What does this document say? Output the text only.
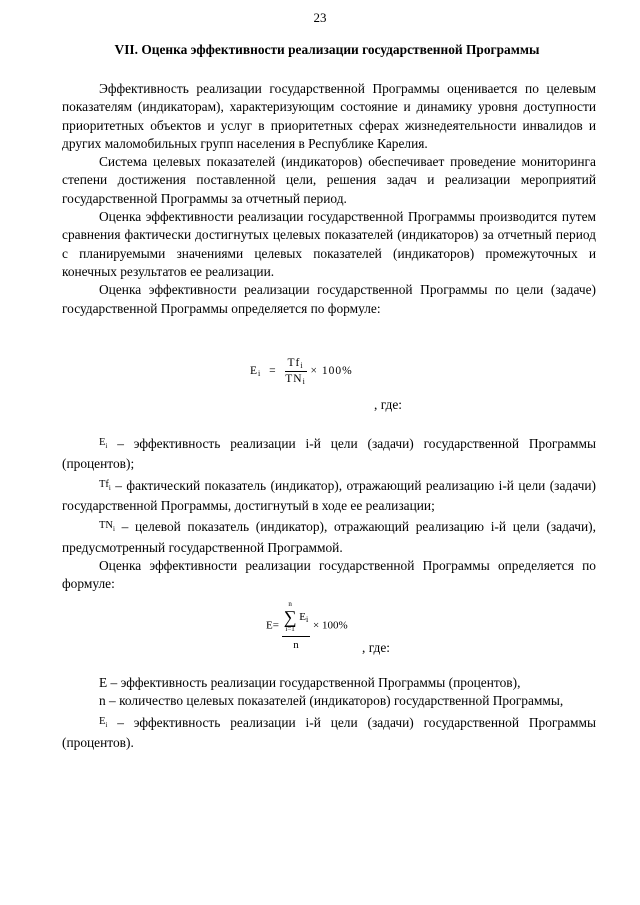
23
VII. Оценка эффективности реализации государственной Программы

Эффективность реализации государственной Программы оценивается по целевым показателям (индикаторам), характеризующим состояние и динамику уровня доступности приоритетных объектов и услуг в приоритетных сферах жизнедеятельности инвалидов и других маломобильных групп населения в Республике Карелия.

Система целевых показателей (индикаторов) обеспечивает проведение мониторинга степени достижения поставленной цели, решения задач и реализации мероприятий государственной Программы за отчетный период.

Оценка эффективности реализации государственной Программы производится путем сравнения фактически достигнутых целевых показателей (индикаторов) за отчетный период с планируемыми значениями целевых показателей (индикаторов) промежуточных и конечных результатов ее реализации.

Оценка эффективности реализации государственной Программы по цели (задаче) государственной Программы определяется по формуле:

$Ei = \frac{\text{Tfi}}{\text{TNi}} \times 100\%$
, где:

$^{E_i}$ – эффективность реализации i-й цели (задачи) государственной Программы (процентов);

$^{Tf_i}$ – фактический показатель (индикатор), отражающий реализацию i-й цели (задачи) государственной Программы, достигнутый в ходе ее реализации;

$^{TN_i}$ – целевой показатель (индикатор), отражающий реализацию i-й цели (задачи), предусмотренный государственной Программой.

Оценка эффективности реализации государственной Программы определяется по формуле:

E= n
∑
i=1
Ei
n × 100%
, где:

E – эффективность реализации государственной Программы (процентов),

n – количество целевых показателей (индикаторов) государственной Программы,

$^{E_i}$ – эффективность реализации i-й цели (задачи) государственной Программы (процентов).
